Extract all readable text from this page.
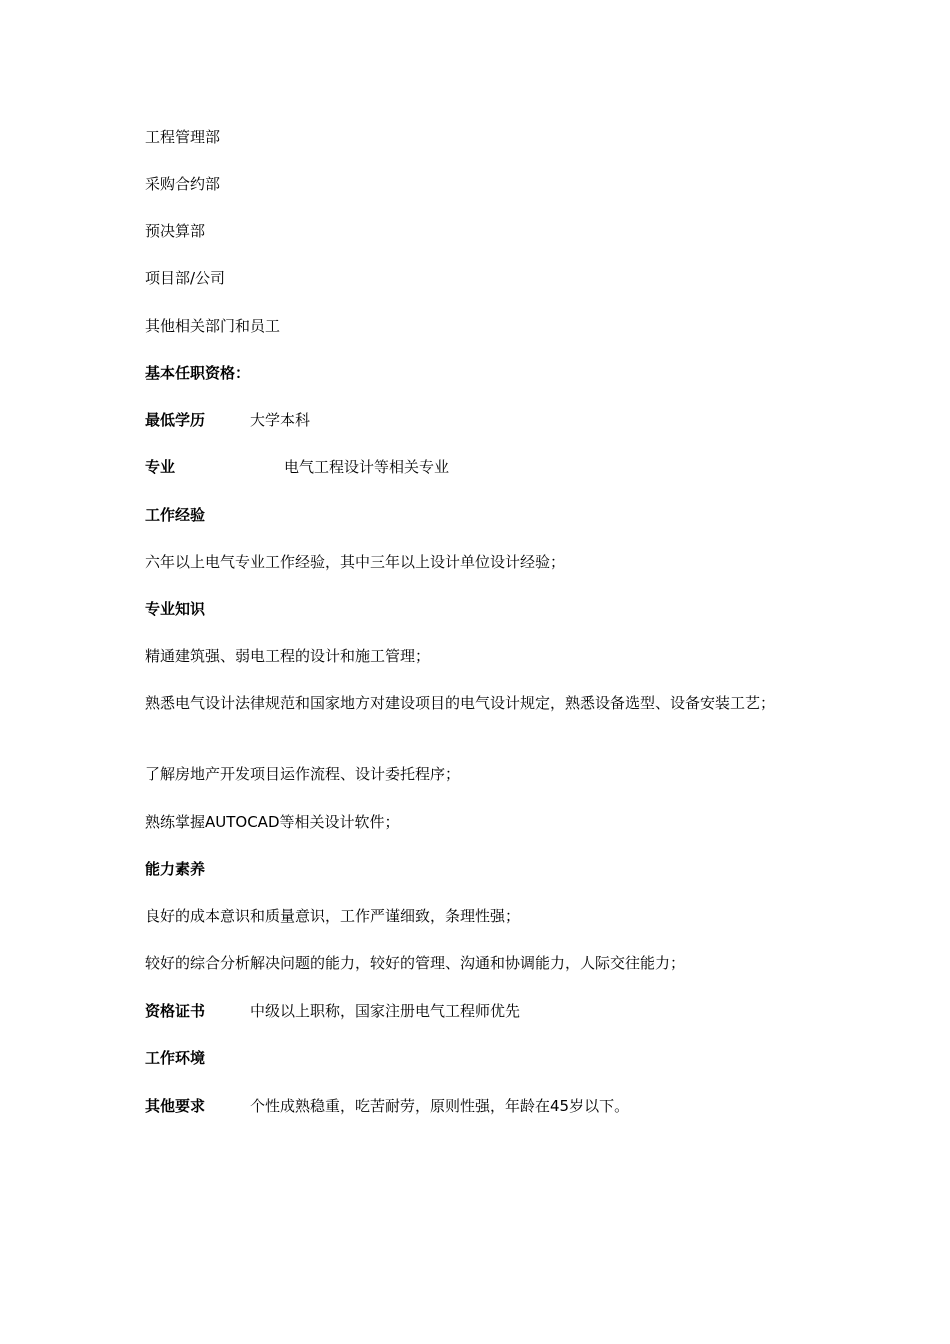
工程管理部
采购合约部
预决算部
项目部/公司
其他相关部门和员工
基本任职资格：
最低学历	大学本科
专业	电气工程设计等相关专业
工作经验
六年以上电气专业工作经验，其中三年以上设计单位设计经验；
专业知识
精通建筑强、弱电工程的设计和施工管理；
熟悉电气设计法律规范和国家地方对建设项目的电气设计规定，熟悉设备选型、设备安装工艺；
了解房地产开发项目运作流程、设计委托程序；
熟练掌握AUTOCAD等相关设计软件；
能力素养
良好的成本意识和质量意识，工作严谨细致，条理性强；
较好的综合分析解决问题的能力，较好的管理、沟通和协调能力，人际交往能力；
资格证书	中级以上职称，国家注册电气工程师优先
工作环境
其他要求	个性成熟稳重，吃苦耐劳，原则性强，年龄在45岁以下。
